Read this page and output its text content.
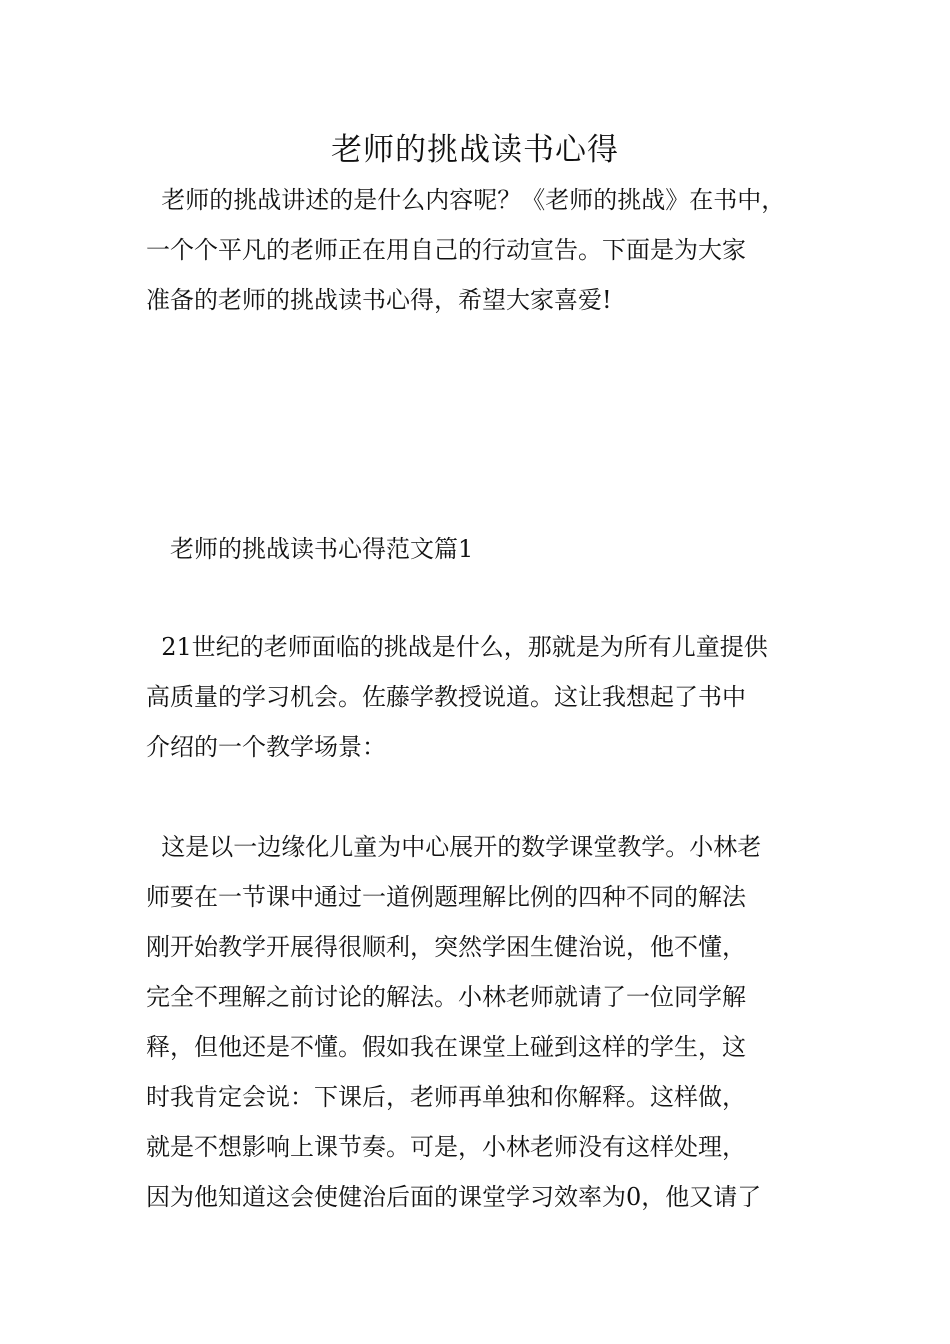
老师的挑战读书心得
老师的挑战讲述的是什么内容呢？《老师的挑战》在书中，
一个个平凡的老师正在用自己的行动宣告。下面是为大家
准备的老师的挑战读书心得，希望大家喜爱!
老师的挑战读书心得范文篇1
21世纪的老师面临的挑战是什么，那就是为所有儿童提供
高质量的学习机会。佐藤学教授说道。这让我想起了书中
介绍的一个教学场景：
这是以一边缘化儿童为中心展开的数学课堂教学。小林老
师要在一节课中通过一道例题理解比例的四种不同的解法
刚开始教学开展得很顺利，突然学困生健治说，他不懂，
完全不理解之前讨论的解法。小林老师就请了一位同学解
释，但他还是不懂。假如我在课堂上碰到这样的学生，这
时我肯定会说：下课后，老师再单独和你解释。这样做，
就是不想影响上课节奏。可是，小林老师没有这样处理，
因为他知道这会使健治后面的课堂学习效率为0，他又请了
